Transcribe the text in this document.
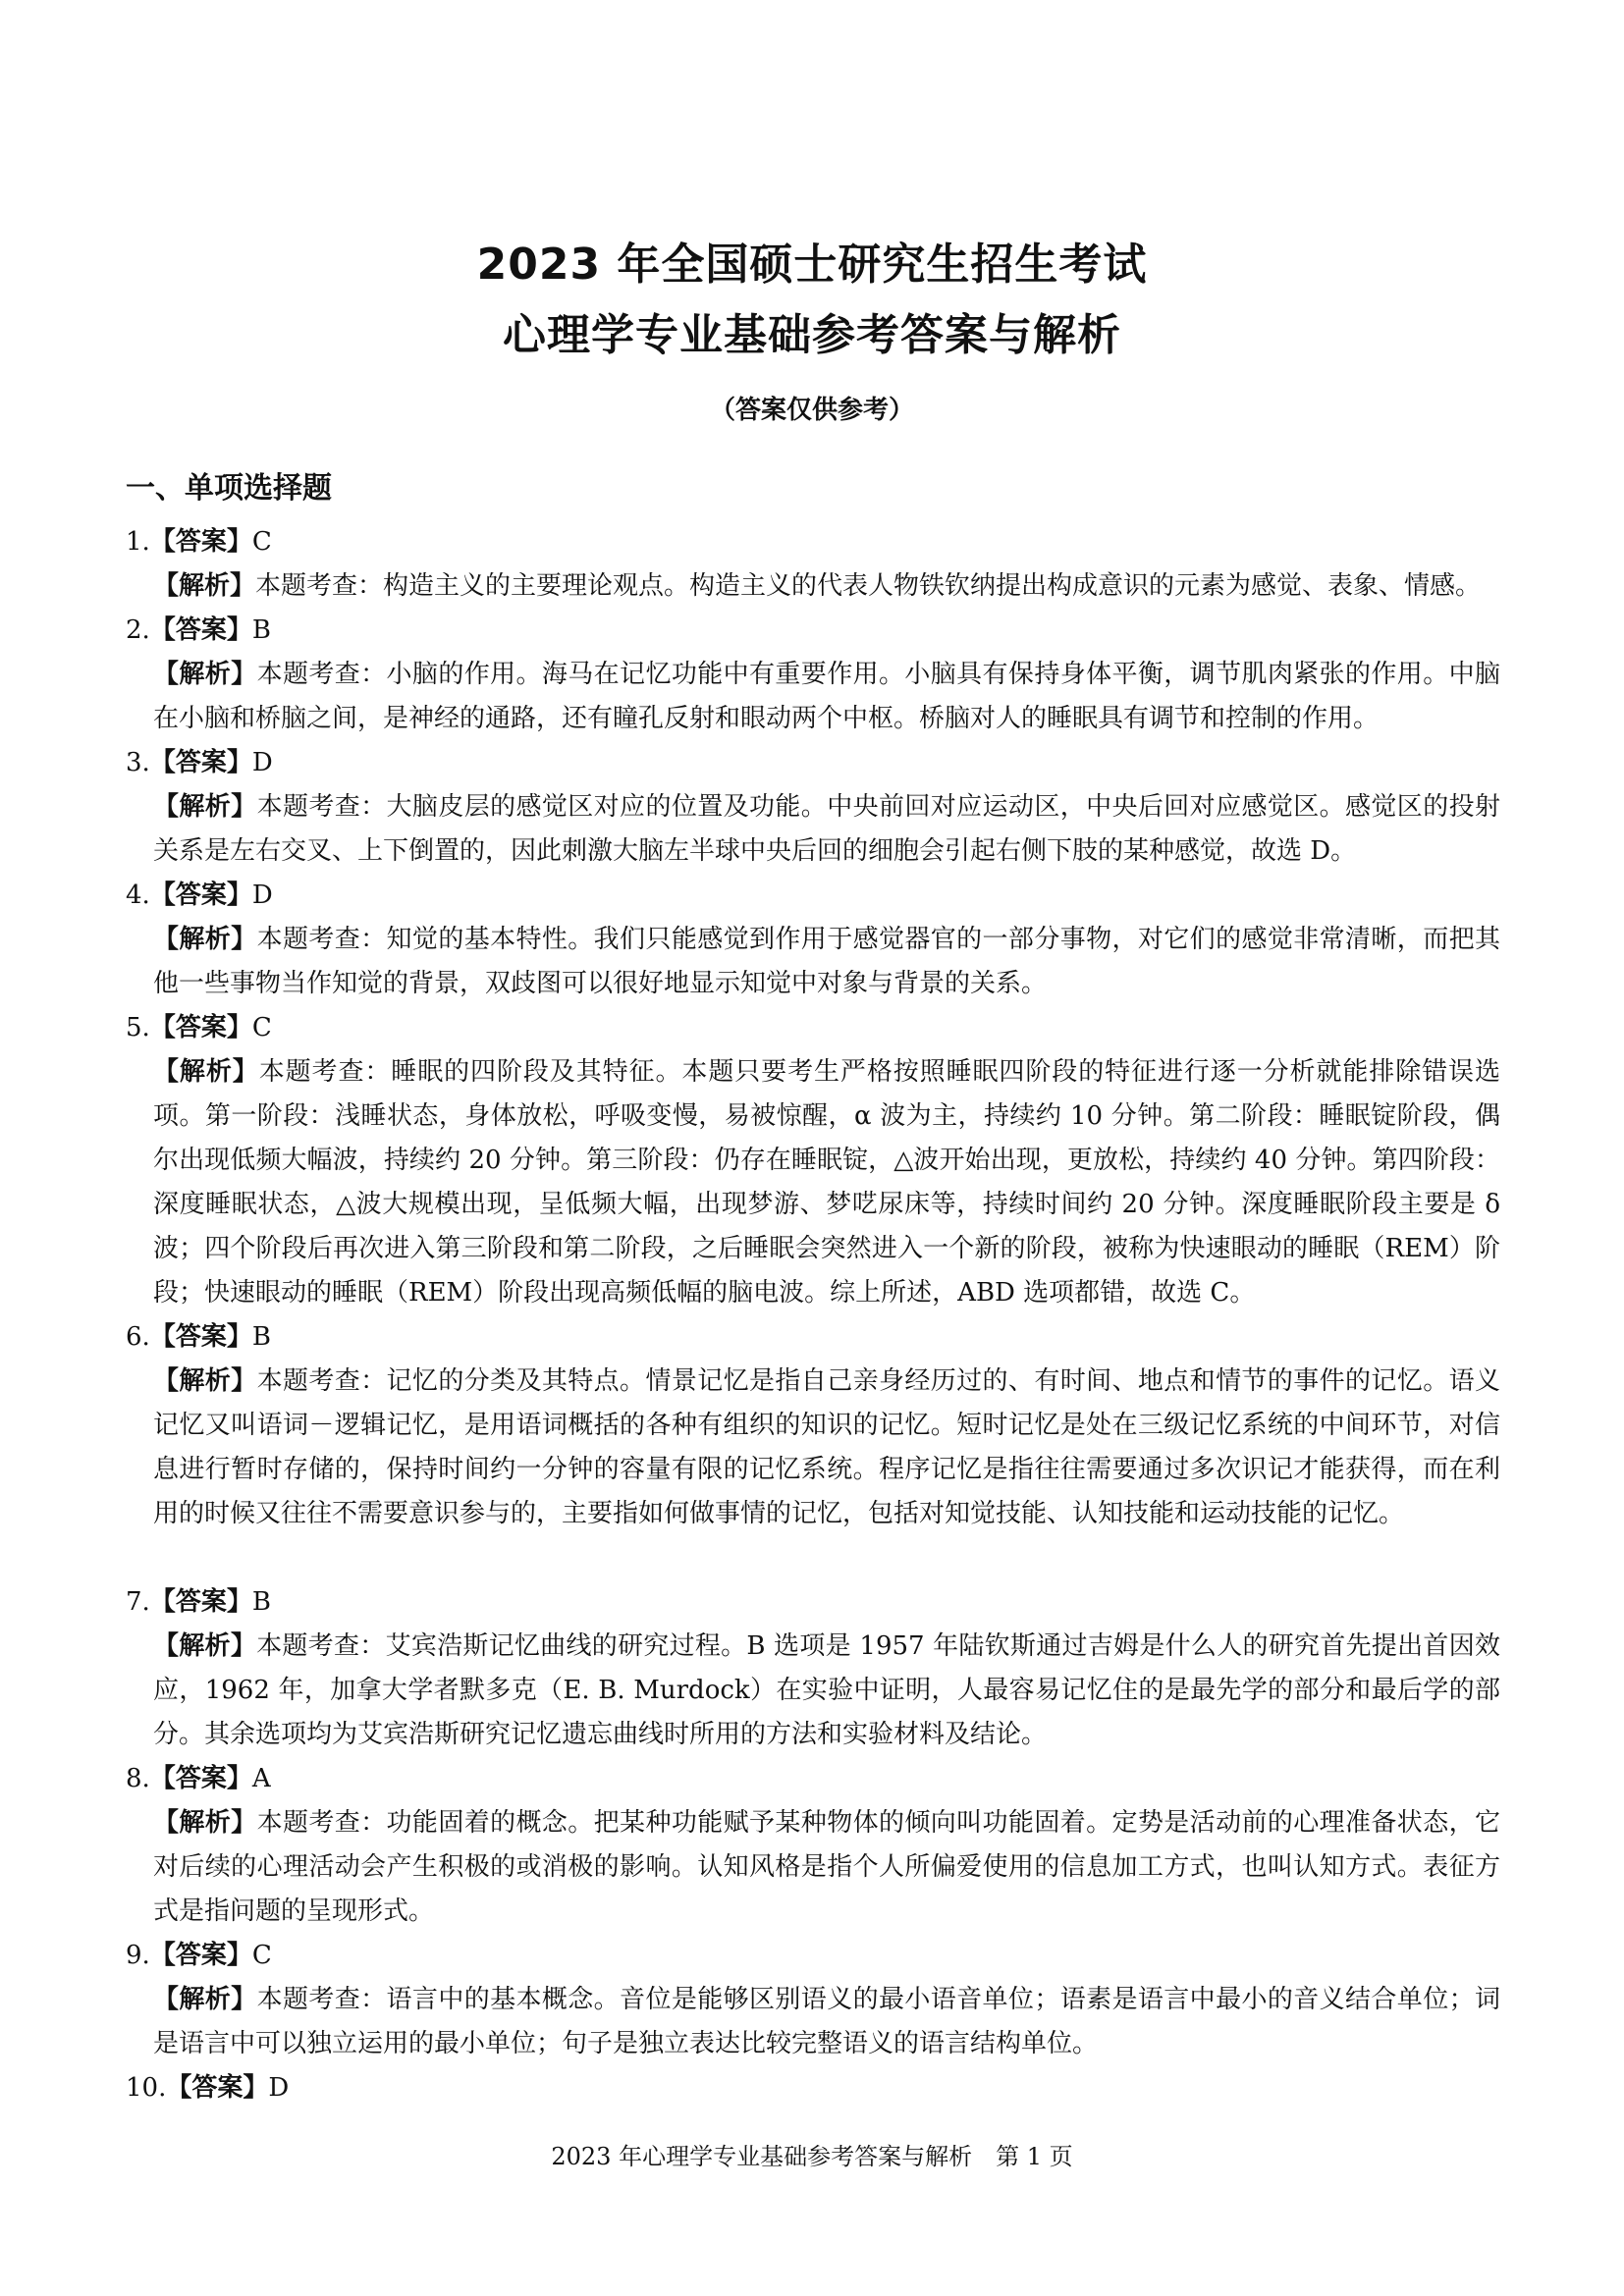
2023 年全国硕士研究生招生考试
心理学专业基础参考答案与解析
（答案仅供参考）
一、单项选择题
1.【答案】C
【解析】本题考查：构造主义的主要理论观点。构造主义的代表人物铁钦纳提出构成意识的元素为感觉、表象、情感。
2.【答案】B
【解析】本题考查：小脑的作用。海马在记忆功能中有重要作用。小脑具有保持身体平衡，调节肌肉紧张的作用。中脑在小脑和桥脑之间，是神经的通路，还有瞳孔反射和眼动两个中枢。桥脑对人的睡眠具有调节和控制的作用。
3.【答案】D
【解析】本题考查：大脑皮层的感觉区对应的位置及功能。中央前回对应运动区，中央后回对应感觉区。感觉区的投射关系是左右交叉、上下倒置的，因此刺激大脑左半球中央后回的细胞会引起右侧下肢的某种感觉，故选 D。
4.【答案】D
【解析】本题考查：知觉的基本特性。我们只能感觉到作用于感觉器官的一部分事物，对它们的感觉非常清晰，而把其他一些事物当作知觉的背景，双歧图可以很好地显示知觉中对象与背景的关系。
5.【答案】C
【解析】本题考查：睡眠的四阶段及其特征。本题只要考生严格按照睡眠四阶段的特征进行逐一分析就能排除错误选项。第一阶段：浅睡状态，身体放松，呼吸变慢，易被惊醒，α 波为主，持续约 10 分钟。第二阶段：睡眠锭阶段，偶尔出现低频大幅波，持续约 20 分钟。第三阶段：仍存在睡眠锭，△波开始出现，更放松，持续约 40 分钟。第四阶段：深度睡眠状态，△波大规模出现，呈低频大幅，出现梦游、梦呓尿床等，持续时间约 20 分钟。深度睡眠阶段主要是 δ 波；四个阶段后再次进入第三阶段和第二阶段，之后睡眠会突然进入一个新的阶段，被称为快速眼动的睡眠（REM）阶段；快速眼动的睡眠（REM）阶段出现高频低幅的脑电波。综上所述，ABD 选项都错，故选 C。
6.【答案】B
【解析】本题考查：记忆的分类及其特点。情景记忆是指自己亲身经历过的、有时间、地点和情节的事件的记忆。语义记忆又叫语词－逻辑记忆，是用语词概括的各种有组织的知识的记忆。短时记忆是处在三级记忆系统的中间环节，对信息进行暂时存储的，保持时间约一分钟的容量有限的记忆系统。程序记忆是指往往需要通过多次识记才能获得，而在利用的时候又往往不需要意识参与的，主要指如何做事情的记忆，包括对知觉技能、认知技能和运动技能的记忆。
7.【答案】B
【解析】本题考查：艾宾浩斯记忆曲线的研究过程。B 选项是 1957 年陆钦斯通过吉姆是什么人的研究首先提出首因效应，1962 年，加拿大学者默多克（E. B. Murdock）在实验中证明，人最容易记忆住的是最先学的部分和最后学的部分。其余选项均为艾宾浩斯研究记忆遗忘曲线时所用的方法和实验材料及结论。
8.【答案】A
【解析】本题考查：功能固着的概念。把某种功能赋予某种物体的倾向叫功能固着。定势是活动前的心理准备状态，它对后续的心理活动会产生积极的或消极的影响。认知风格是指个人所偏爱使用的信息加工方式，也叫认知方式。表征方式是指问题的呈现形式。
9.【答案】C
【解析】本题考查：语言中的基本概念。音位是能够区别语义的最小语音单位；语素是语言中最小的音义结合单位；词是语言中可以独立运用的最小单位；句子是独立表达比较完整语义的语言结构单位。
10.【答案】D
2023 年心理学专业基础参考答案与解析　第 1 页
